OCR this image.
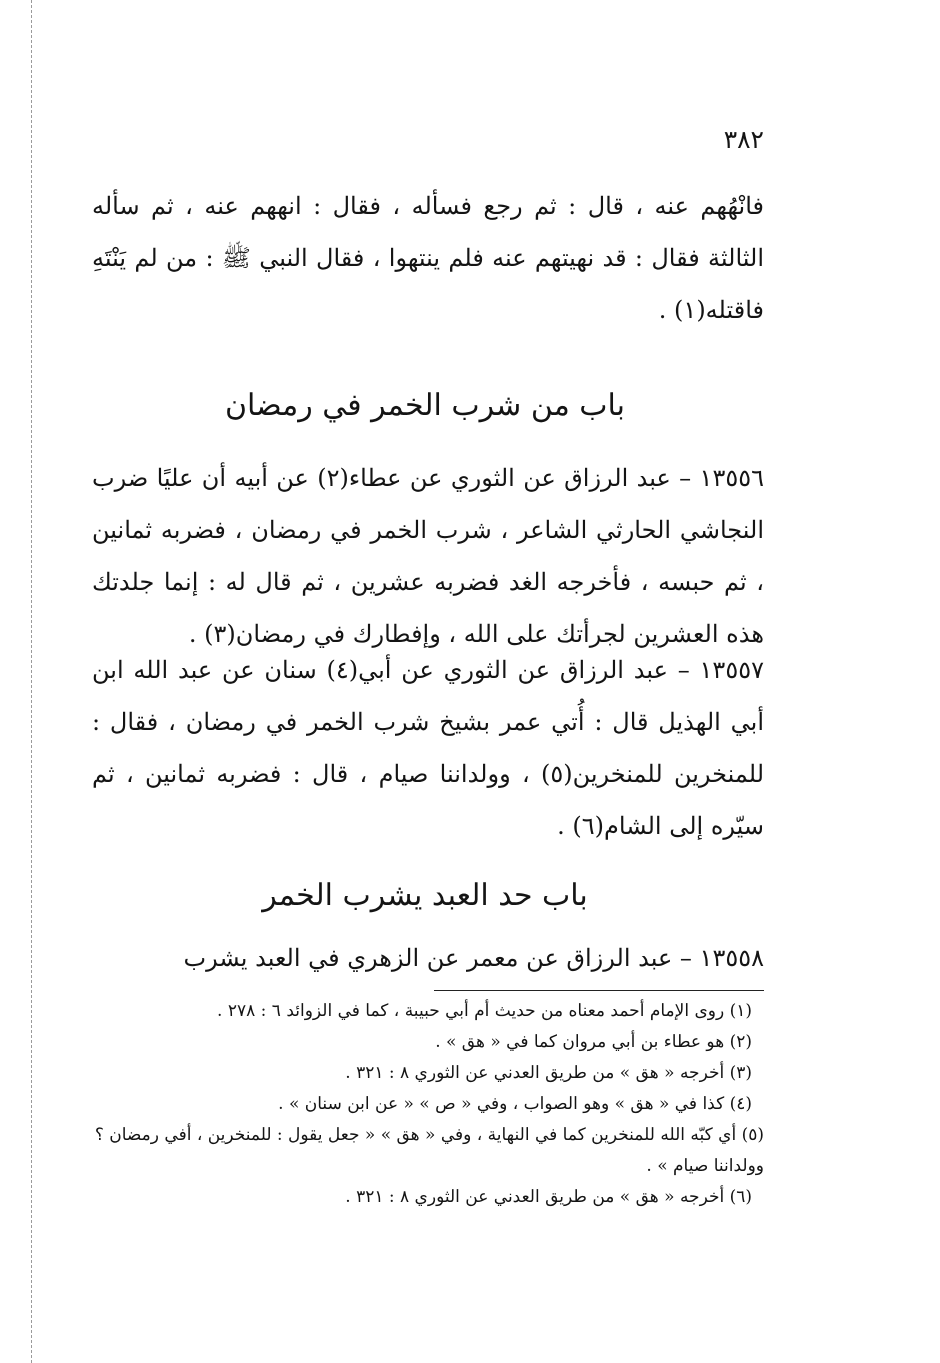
٣٨٢

فانْهُهم عنه ، قال : ثم رجع فسأله ، فقال : انههم عنه ، ثم سأله الثالثة فقال : قد نهيتهم عنه فلم ينتهوا ، فقال النبي ﷺ : من لم يَنْتَهِ فاقتله(١) .

باب من شرب الخمر في رمضان

١٣٥٥٦ – عبد الرزاق عن الثوري عن عطاء(٢) عن أبيه أن عليًا ضرب النجاشي الحارثي الشاعر ، شرب الخمر في رمضان ، فضربه ثمانين ، ثم حبسه ، فأخرجه الغد فضربه عشرين ، ثم قال له : إنما جلدتك هذه العشرين لجرأتك على الله ، وإفطارك في رمضان(٣) .

١٣٥٥٧ – عبد الرزاق عن الثوري عن أبي(٤) سنان عن عبد الله ابن أبي الهذيل قال : أُتي عمر بشيخ شرب الخمر في رمضان ، فقال : للمنخرين للمنخرين(٥) ، وولداننا صيام ، قال : فضربه ثمانين ، ثم سيّره إلى الشام(٦) .

باب حد العبد يشرب الخمر

١٣٥٥٨ – عبد الرزاق عن معمر عن الزهري في العبد يشرب

(١) روى الإمام أحمد معناه من حديث أم أبي حبيبة ، كما في الزوائد ٦ : ٢٧٨ .
(٢) هو عطاء بن أبي مروان كما في « هق » .
(٣) أخرجه « هق » من طريق العدني عن الثوري ٨ : ٣٢١ .
(٤) كذا في « هق » وهو الصواب ، وفي « ص » « عن ابن سنان » .
(٥) أي كبّه الله للمنخرين كما في النهاية ، وفي « هق » « جعل يقول : للمنخرين ، أفي رمضان ؟ وولداننا صيام » .
(٦) أخرجه « هق » من طريق العدني عن الثوري ٨ : ٣٢١ .
